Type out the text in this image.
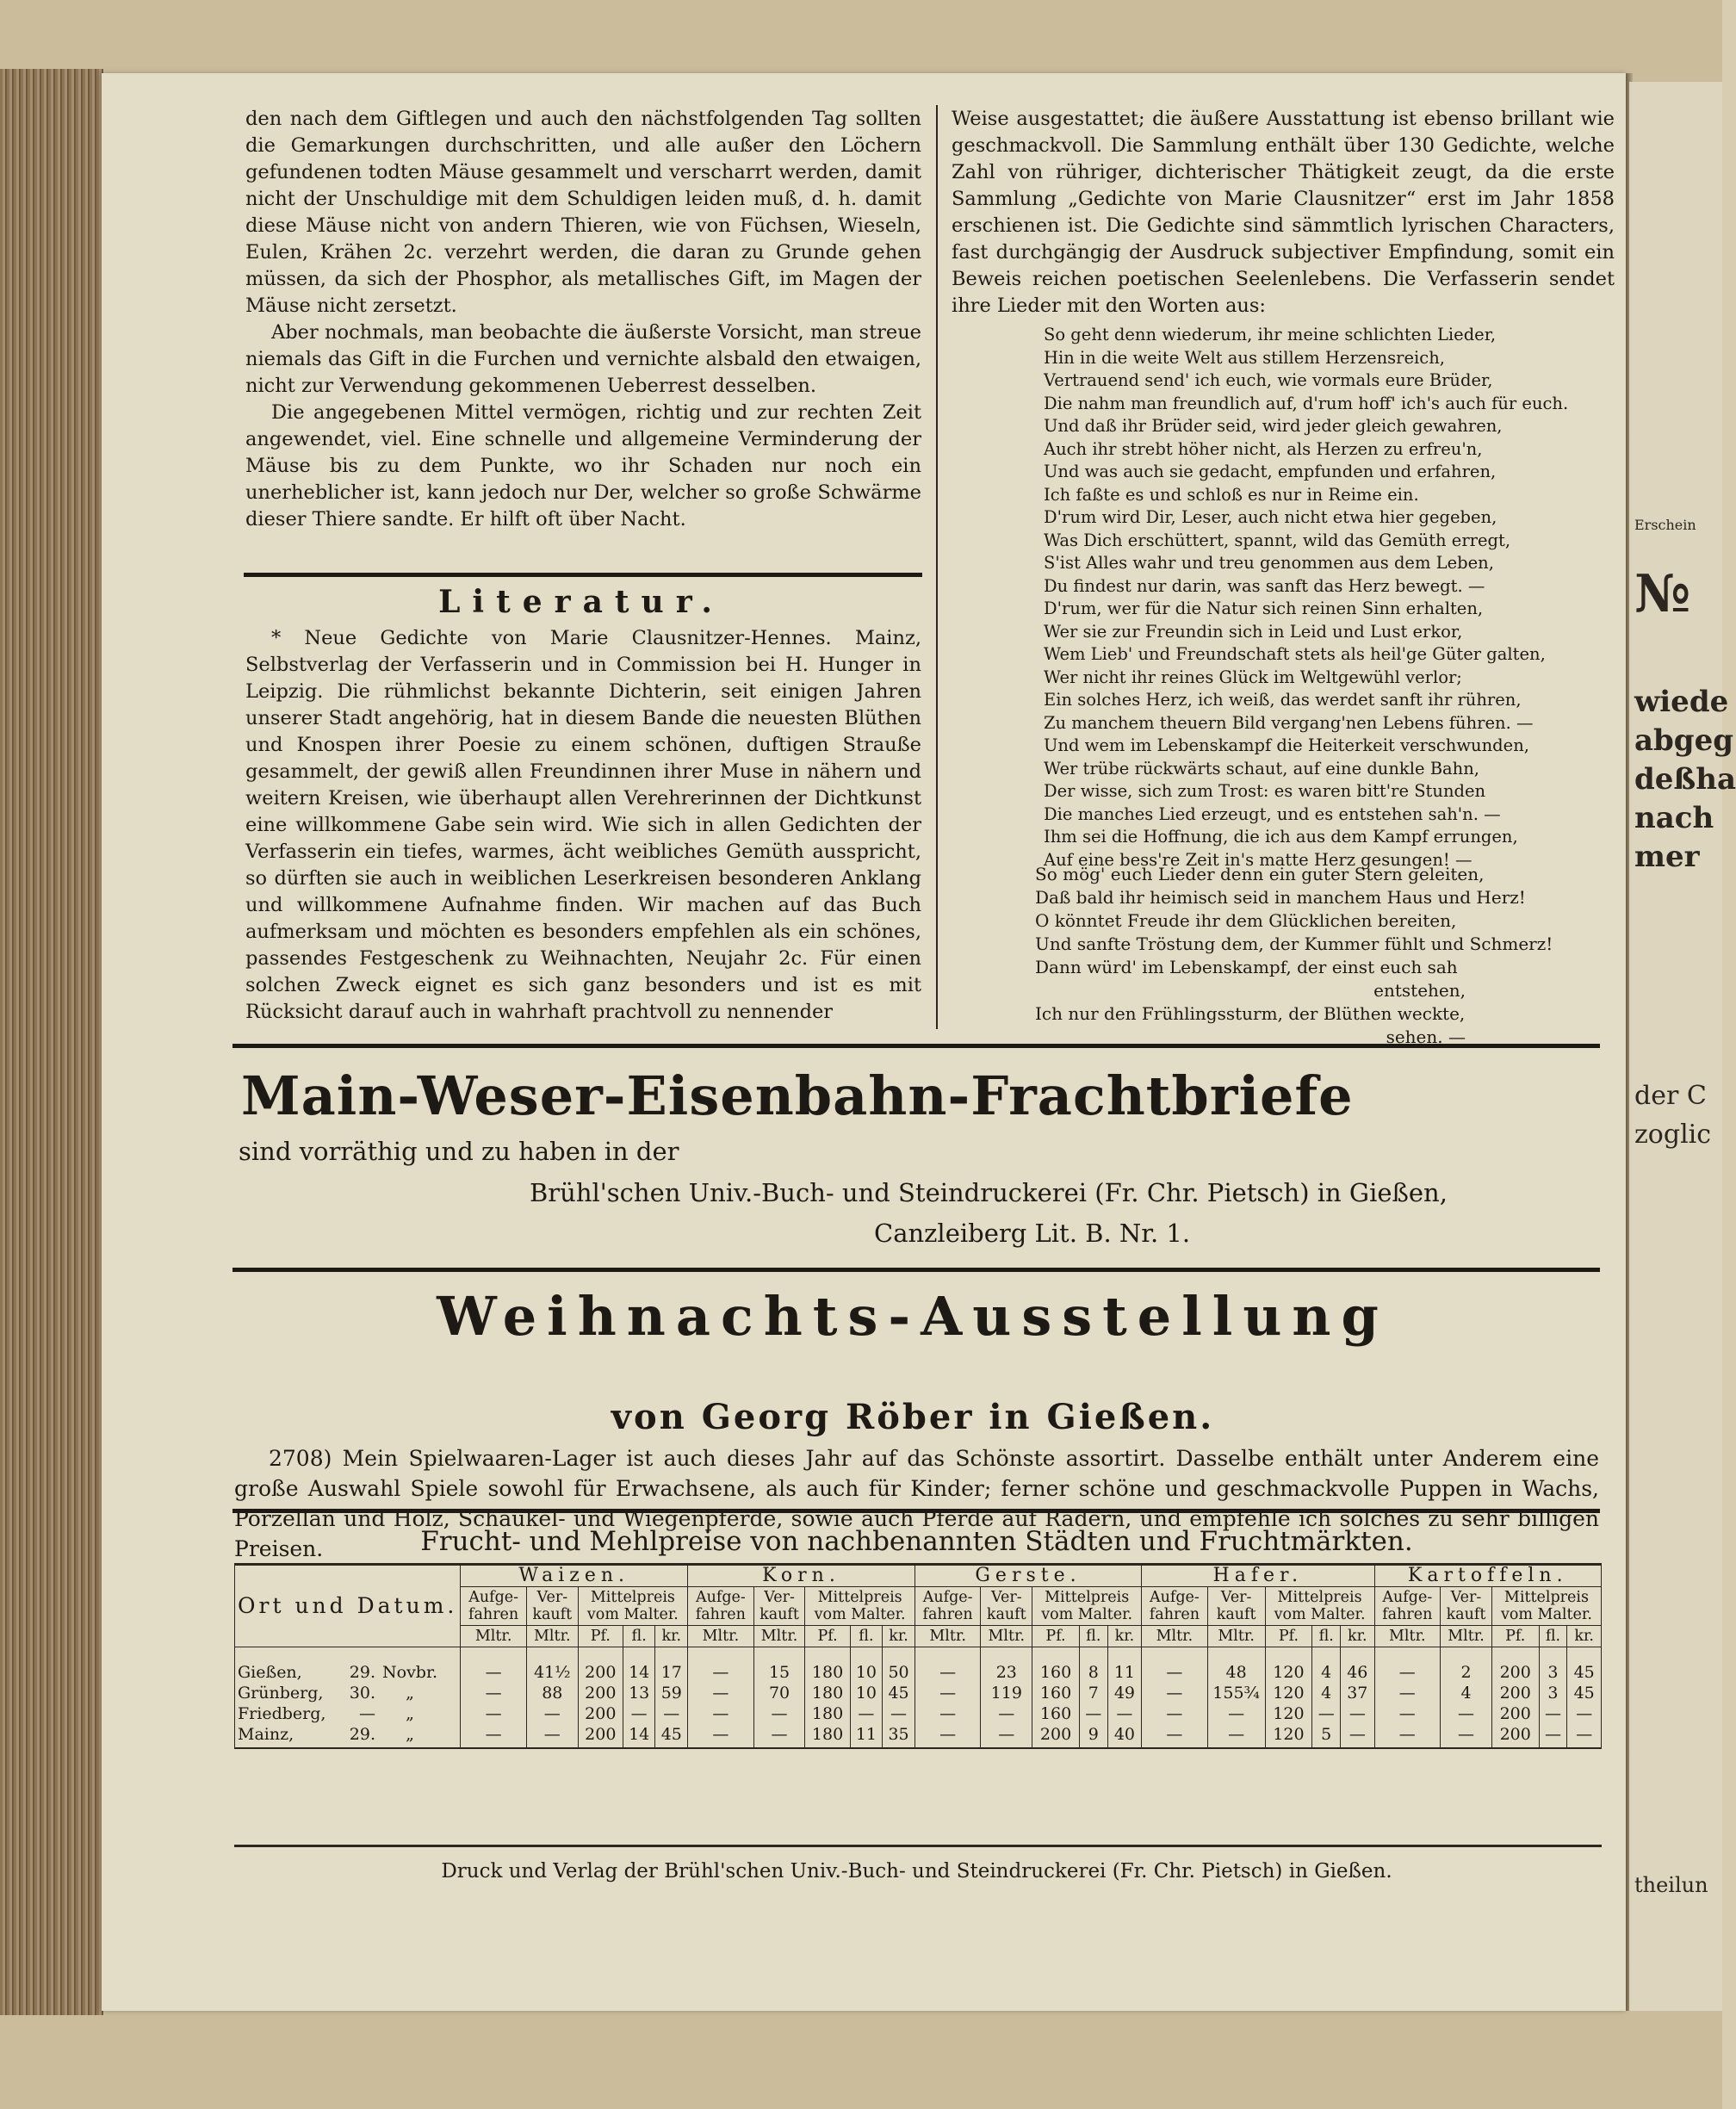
Erschein
№
wiede
abgeg
deßha
nach
mer
der C
zoglic
theilun

den nach dem Giftlegen und auch den nächstfolgenden Tag sollten die Gemarkungen durchschritten, und alle außer den Löchern gefundenen todten Mäuse gesammelt und verscharrt werden, damit nicht der Unschuldige mit dem Schuldigen leiden muß, d. h. damit diese Mäuse nicht von andern Thieren, wie von Füchsen, Wieseln, Eulen, Krähen 2c. verzehrt werden, die daran zu Grunde gehen müssen, da sich der Phosphor, als metallisches Gift, im Magen der Mäuse nicht zersetzt.

Aber nochmals, man beobachte die äußerste Vorsicht, man streue niemals das Gift in die Furchen und vernichte alsbald den etwaigen, nicht zur Verwendung gekommenen Ueberrest desselben.

Die angegebenen Mittel vermögen, richtig und zur rechten Zeit angewendet, viel. Eine schnelle und allgemeine Verminderung der Mäuse bis zu dem Punkte, wo ihr Schaden nur noch ein unerheblicher ist, kann jedoch nur Der, welcher so große Schwärme dieser Thiere sandte. Er hilft oft über Nacht.

Literatur.
* Neue Gedichte von Marie Clausnitzer-Hennes. Mainz, Selbstverlag der Verfasserin und in Commission bei H. Hunger in Leipzig. Die rühmlichst bekannte Dichterin, seit einigen Jahren unserer Stadt angehörig, hat in diesem Bande die neuesten Blüthen und Knospen ihrer Poesie zu einem schönen, duftigen Strauße gesammelt, der gewiß allen Freundinnen ihrer Muse in nähern und weitern Kreisen, wie überhaupt allen Verehrerinnen der Dichtkunst eine willkommene Gabe sein wird. Wie sich in allen Gedichten der Verfasserin ein tiefes, warmes, ächt weibliches Gemüth ausspricht, so dürften sie auch in weiblichen Leserkreisen besonderen Anklang und willkommene Aufnahme finden. Wir machen auf das Buch aufmerksam und möchten es besonders empfehlen als ein schönes, passendes Festgeschenk zu Weihnachten, Neujahr 2c. Für einen solchen Zweck eignet es sich ganz besonders und ist es mit Rücksicht darauf auch in wahrhaft prachtvoll zu nennender
Weise ausgestattet; die äußere Ausstattung ist ebenso brillant wie geschmackvoll. Die Sammlung enthält über 130 Gedichte, welche Zahl von rühriger, dichterischer Thätigkeit zeugt, da die erste Sammlung „Gedichte von Marie Clausnitzer“ erst im Jahr 1858 erschienen ist. Die Gedichte sind sämmtlich lyrischen Characters, fast durchgängig der Ausdruck subjectiver Empfindung, somit ein Beweis reichen poetischen Seelenlebens. Die Verfasserin sendet ihre Lieder mit den Worten aus:
So geht denn wiederum, ihr meine schlichten Lieder,
Hin in die weite Welt aus stillem Herzensreich,
Vertrauend send' ich euch, wie vormals eure Brüder,
Die nahm man freundlich auf, d'rum hoff' ich's auch für euch.
Und daß ihr Brüder seid, wird jeder gleich gewahren,
Auch ihr strebt höher nicht, als Herzen zu erfreu'n,
Und was auch sie gedacht, empfunden und erfahren,
Ich faßte es und schloß es nur in Reime ein.
D'rum wird Dir, Leser, auch nicht etwa hier gegeben,
Was Dich erschüttert, spannt, wild das Gemüth erregt,
S'ist Alles wahr und treu genommen aus dem Leben,
Du findest nur darin, was sanft das Herz bewegt. —
D'rum, wer für die Natur sich reinen Sinn erhalten,
Wer sie zur Freundin sich in Leid und Lust erkor,
Wem Lieb' und Freundschaft stets als heil'ge Güter galten,
Wer nicht ihr reines Glück im Weltgewühl verlor;
Ein solches Herz, ich weiß, das werdet sanft ihr rühren,
Zu manchem theuern Bild vergang'nen Lebens führen. —
Und wem im Lebenskampf die Heiterkeit verschwunden,
Wer trübe rückwärts schaut, auf eine dunkle Bahn,
Der wisse, sich zum Trost: es waren bitt're Stunden
Die manches Lied erzeugt, und es entstehen sah'n. —
Ihm sei die Hoffnung, die ich aus dem Kampf errungen,
Auf eine bess're Zeit in's matte Herz gesungen! —
So mög' euch Lieder denn ein guter Stern geleiten,
Daß bald ihr heimisch seid in manchem Haus und Herz!
O könntet Freude ihr dem Glücklichen bereiten,
Und sanfte Tröstung dem, der Kummer fühlt und Schmerz!
Dann würd' im Lebenskampf, der einst euch sah
entstehen,
Ich nur den Frühlingssturm, der Blüthen weckte,
sehen. —
Main-Weser-Eisenbahn-Frachtbriefe
sind vorräthig und zu haben in der
Brühl'schen Univ.-Buch- und Steindruckerei (Fr. Chr. Pietsch) in Gießen,
Canzleiberg Lit. B. Nr. 1.
Weihnachts-Ausstellung
von Georg Röber in Gießen.
2708) Mein Spielwaaren-Lager ist auch dieses Jahr auf das Schönste assortirt. Dasselbe enthält unter Anderem eine große Auswahl Spiele sowohl für Erwachsene, als auch für Kinder; ferner schöne und geschmackvolle Puppen in Wachs, Porzellan und Holz, Schaukel- und Wiegenpferde, sowie auch Pferde auf Rädern, und empfehle ich solches zu sehr billigen Preisen.	Frucht- und Mehlpreise von nachbenannten Städten und Fruchtmärkten.
Ort und Datum.	Waizen.					Korn.					Gerste.					Hafer.					Kartoffeln.				
	Aufge-fahren	Ver-kauft	Mittelpreis vom Malter.			Aufge-fahren	Ver-kauft	Mittelpreis vom Malter.			Aufge-fahren	Ver-kauft	Mittelpreis vom Malter.			Aufge-fahren	Ver-kauft	Mittelpreis vom Malter.			Aufge-fahren	Ver-kauft	Mittelpreis vom Malter.		
	Mltr.	Mltr.	Pf.	fl.	kr.	Mltr.	Mltr.	Pf.	fl.	kr.	Mltr.	Mltr.	Pf.	fl.	kr.	Mltr.	Mltr.	Pf.	fl.	kr.	Mltr.	Mltr.	Pf.	fl.	kr.
Gießen, 29. Novbr.	—	41½	200	14	17	—	15	180	10	50	—	23	160	8	11	—	48	120	4	46	—	2	200	3	45
Grünberg, 30. „	—	88	200	13	59	—	70	180	10	45	—	119	160	7	49	—	155¾	120	4	37	—	4	200	3	45
Friedberg, — „	—	—	200	—	—	—	—	180	—	—	—	—	160	—	—	—	—	120	—	—	—	—	200	—	—
Mainz, 29. „	—	—	200	14	45	—	—	180	11	35	—	—	200	9	40	—	—	120	5	—	—	—	200	—	—
Druck und Verlag der Brühl'schen Univ.-Buch- und Steindruckerei (Fr. Chr. Pietsch) in Gießen.
